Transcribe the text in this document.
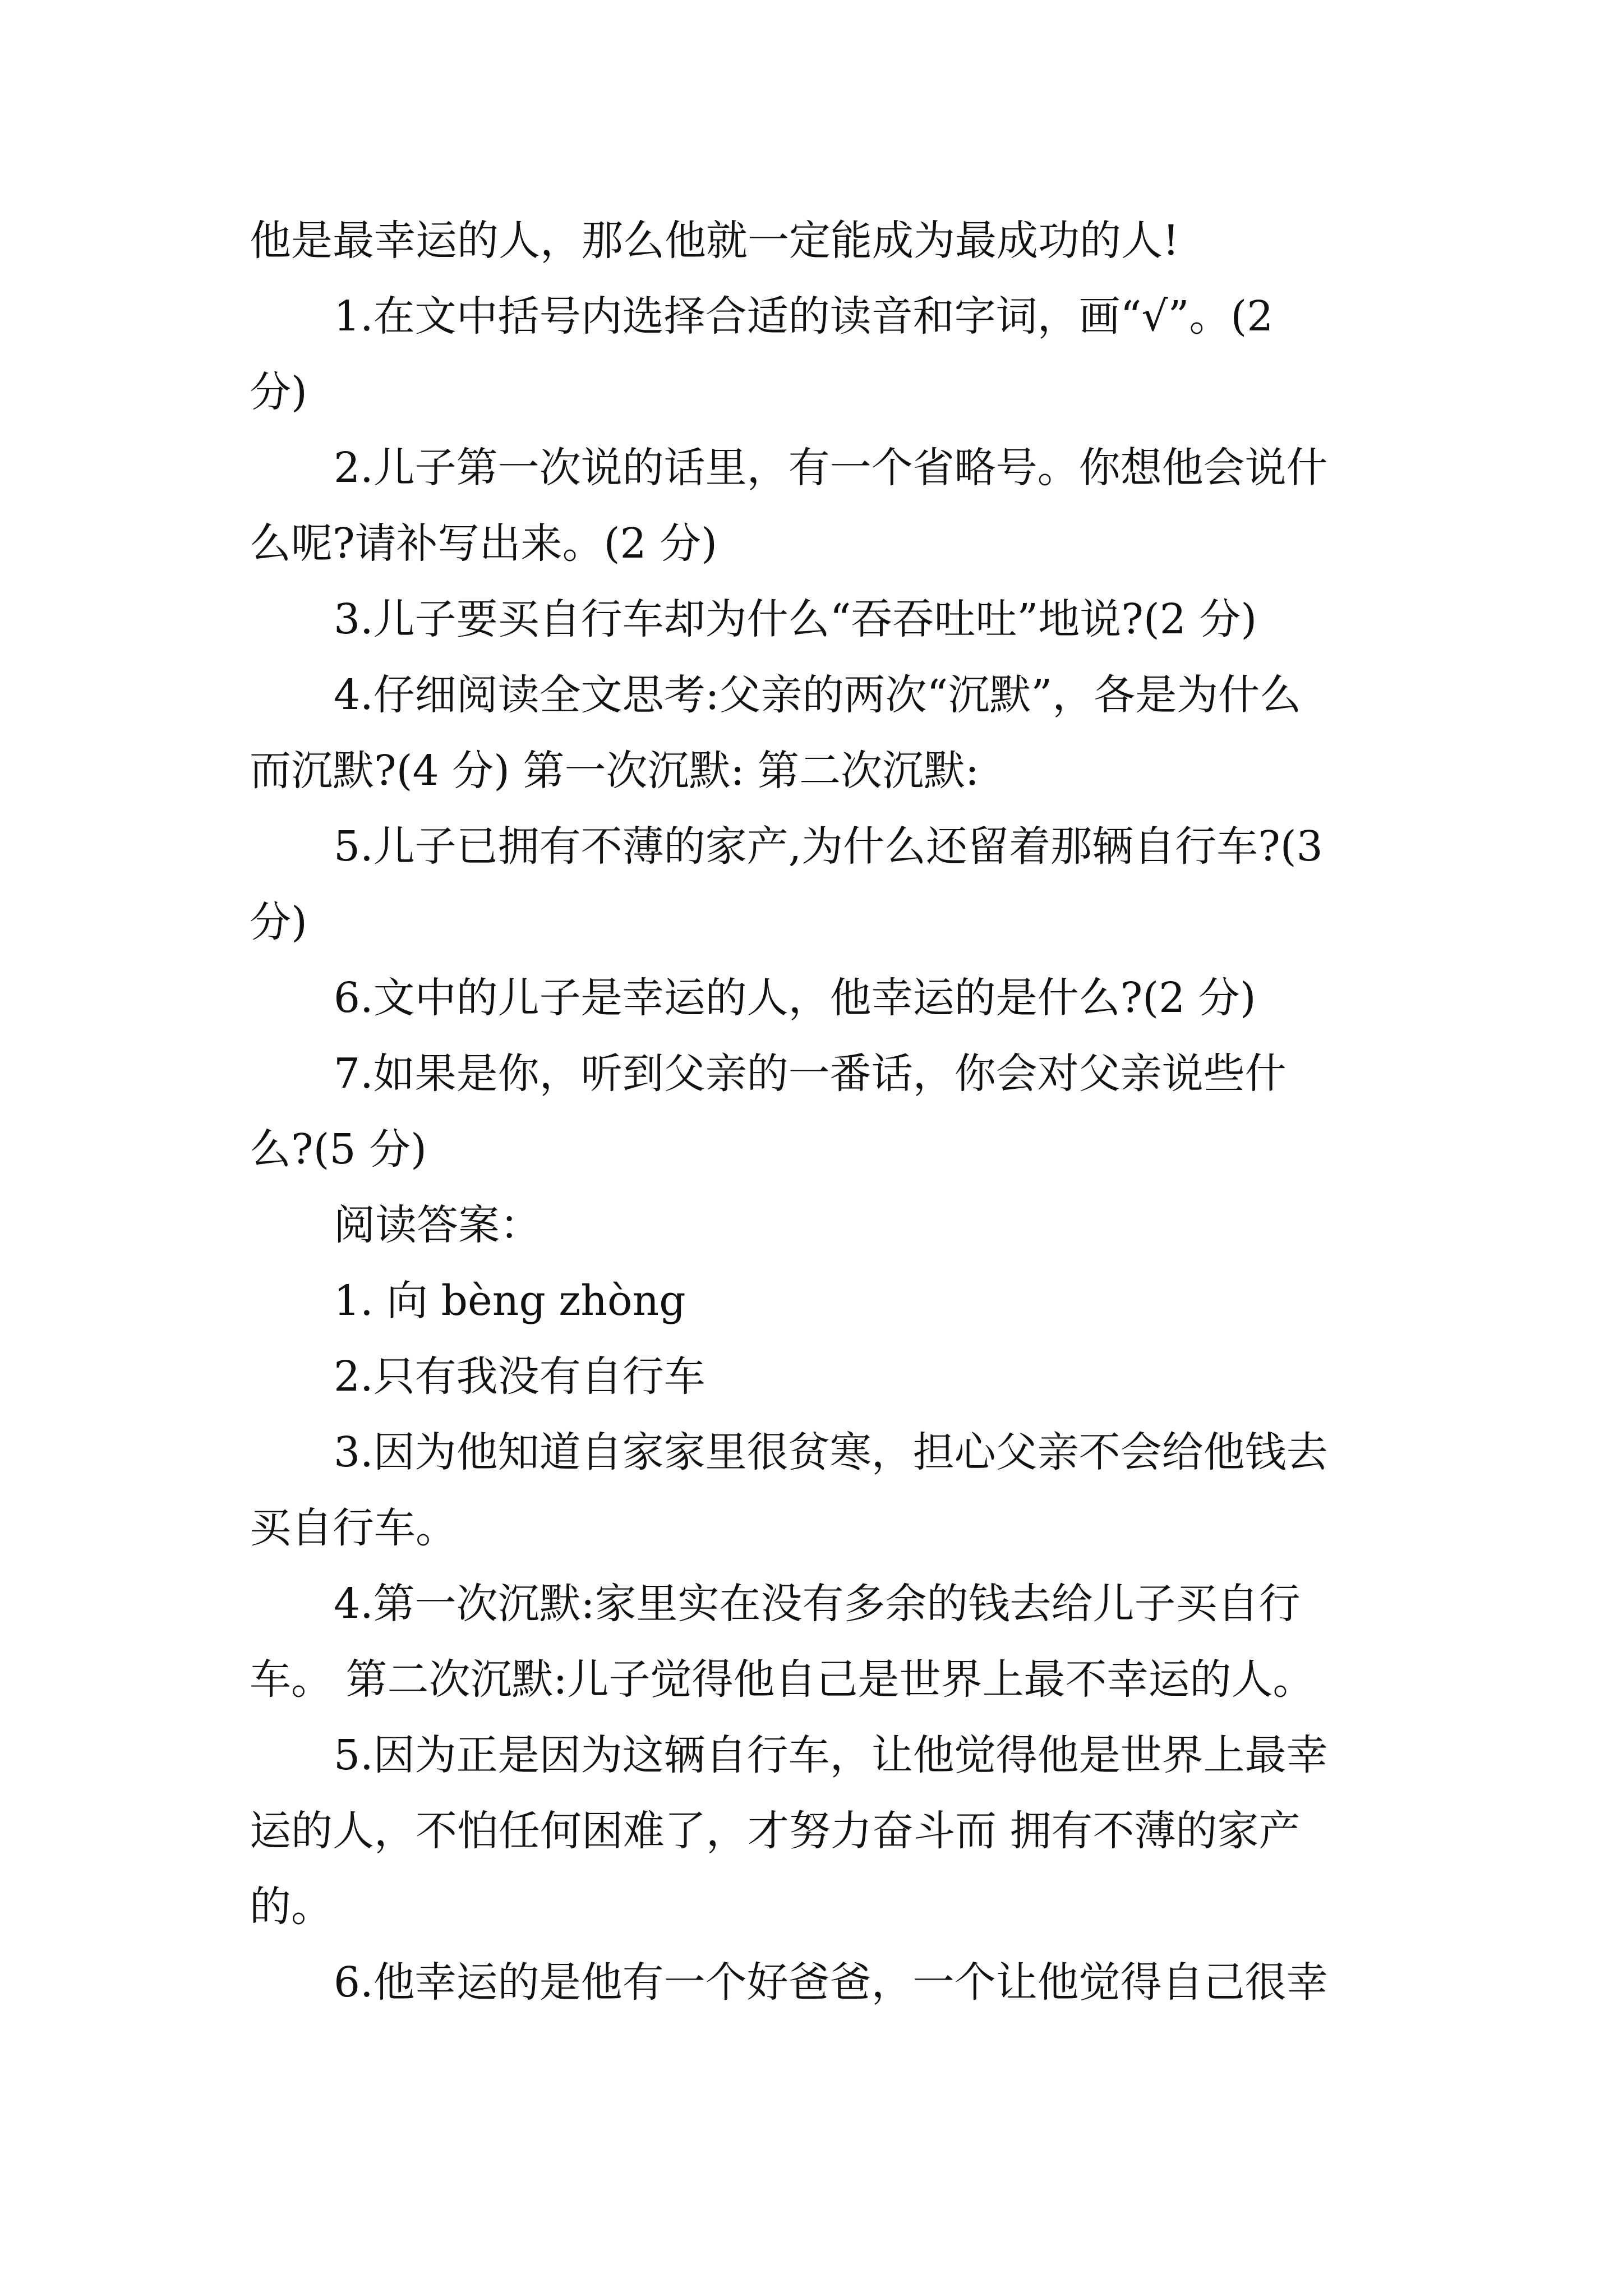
他是最幸运的人，那么他就一定能成为最成功的人!

1.在文中括号内选择合适的读音和字词，画“√”。(2

分)

2.儿子第一次说的话里，有一个省略号。你想他会说什

么呢?请补写出来。(2 分)

3.儿子要买自行车却为什么“吞吞吐吐”地说?(2 分)

4.仔细阅读全文思考:父亲的两次“沉默”，各是为什么

而沉默?(4 分) 第一次沉默: 第二次沉默:

5.儿子已拥有不薄的家产,为什么还留着那辆自行车?(3

分)

6.文中的儿子是幸运的人，他幸运的是什么?(2 分)

7.如果是你，听到父亲的一番话，你会对父亲说些什

么?(5 分)

阅读答案：

1. 向 bèng zhòng

2.只有我没有自行车

3.因为他知道自家家里很贫寒，担心父亲不会给他钱去

买自行车。

4.第一次沉默:家里实在没有多余的钱去给儿子买自行

车。 第二次沉默:儿子觉得他自己是世界上最不幸运的人。

5.因为正是因为这辆自行车，让他觉得他是世界上最幸

运的人，不怕任何困难了，才努力奋斗而 拥有不薄的家产

的。

6.他幸运的是他有一个好爸爸，一个让他觉得自己很幸
